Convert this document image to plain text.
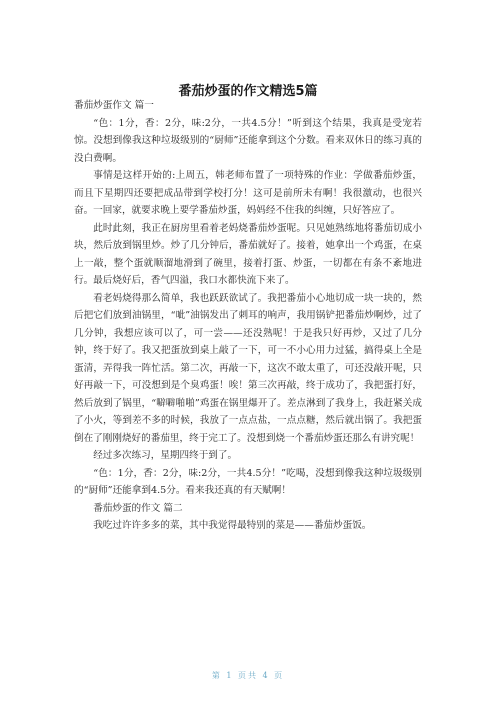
番茄炒蛋的作文精选5篇

番茄炒蛋作文 篇一

“色：1分，香：2分，味:2分，一共4.5分！”听到这个结果，我真是受宠若惊。没想到像我这种垃圾级别的“厨师”还能拿到这个分数。看来双休日的练习真的没白费啊。

事情是这样开始的:上周五，韩老师布置了一项特殊的作业：学做番茄炒蛋，而且下星期四还要把成品带到学校打分！这可是前所未有啊！我很激动，也很兴奋。一回家，就要求晚上要学番茄炒蛋，妈妈经不住我的纠缠，只好答应了。

此时此刻，我正在厨房里看着老妈烧番茄炒蛋呢。只见她熟练地将番茄切成小块，然后放到锅里炒。炒了几分钟后，番茄就好了。接着，她拿出一个鸡蛋，在桌上一敲，整个蛋就顺溜地滑到了碗里，接着打蛋、炒蛋，一切都在有条不紊地进行。最后烧好后，香气四溢，我口水都快流下来了。

看老妈烧得那么简单，我也跃跃欲试了。我把番茄小心地切成一块一块的，然后把它们放到油锅里，“呲”油锅发出了刺耳的响声，我用锅铲把番茄炒啊炒，过了几分钟，我想应该可以了，可一尝——还没熟呢！于是我只好再炒，又过了几分钟，终于好了。我又把蛋放到桌上敲了一下，可一不小心用力过猛，搞得桌上全是蛋清，弄得我一阵忙活。第二次，再敲一下，这次不敢太重了，可还没敲开呢，只好再敲一下，可没想到是个臭鸡蛋！唉！第三次再敲，终于成功了，我把蛋打好，然后放到了锅里，“噼噼啪啪”鸡蛋在锅里爆开了。差点淋到了我身上，我赶紧关成了小火，等到差不多的时候，我放了一点点盐，一点点糖，然后就出锅了。我把蛋倒在了刚刚烧好的番茄里，终于完工了。没想到烧一个番茄炒蛋还那么有讲究呢！

经过多次练习，星期四终于到了。

“色：1分，香：2分，味:2分，一共4.5分！”吃喝，没想到像我这种垃圾级别的“厨师”还能拿到4.5分。看来我还真的有天赋啊！

番茄炒蛋的作文 篇二

我吃过许许多多的菜，其中我觉得最特别的菜是——番茄炒蛋饭。

第 1 页共 4 页
